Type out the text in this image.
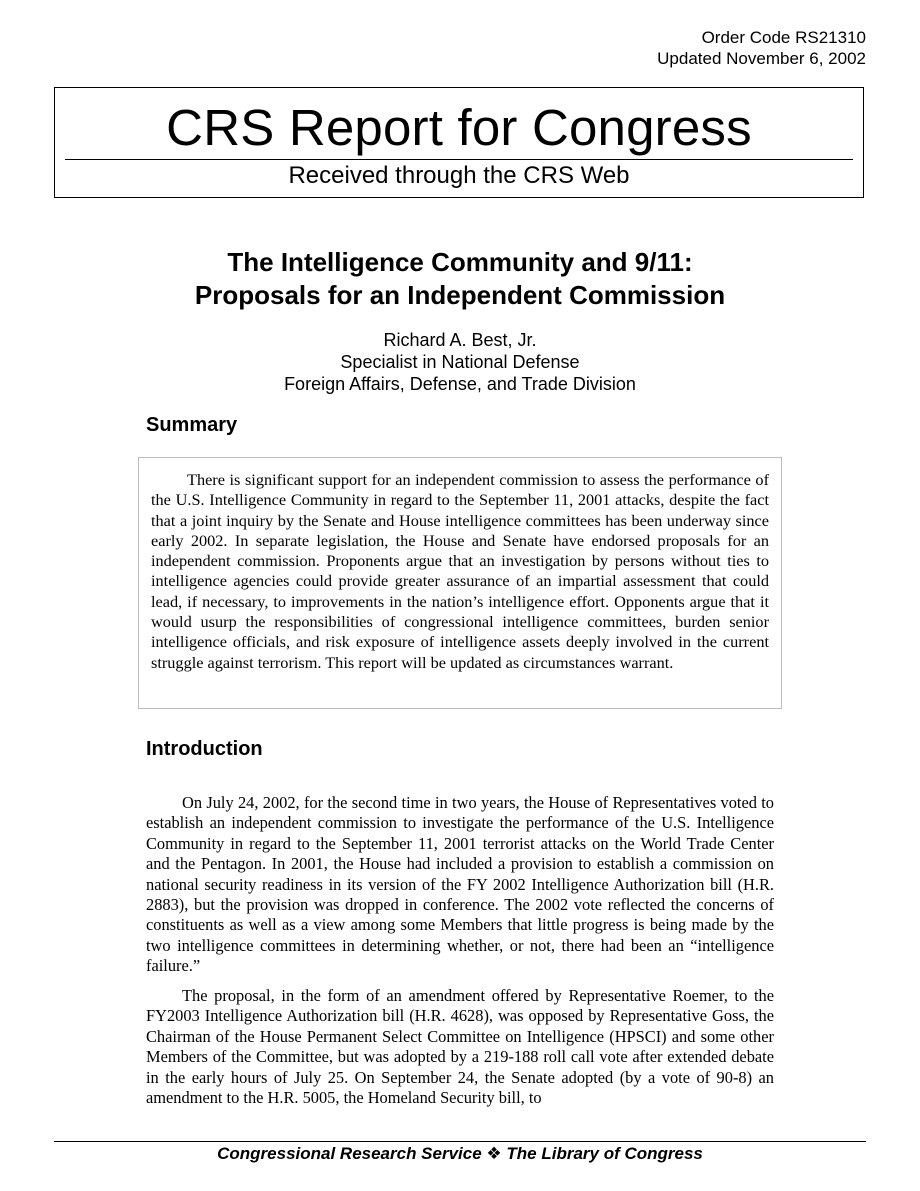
Order Code RS21310
Updated November 6, 2002
CRS Report for Congress
Received through the CRS Web
The Intelligence Community and 9/11:
Proposals for an Independent Commission
Richard A. Best, Jr.
Specialist in National Defense
Foreign Affairs, Defense, and Trade Division
Summary

There is significant support for an independent commission to assess the performance of the U.S. Intelligence Community in regard to the September 11, 2001 attacks, despite the fact that a joint inquiry by the Senate and House intelligence committees has been underway since early 2002. In separate legislation, the House and Senate have endorsed proposals for an independent commission. Proponents argue that an investigation by persons without ties to intelligence agencies could provide greater assurance of an impartial assessment that could lead, if necessary, to improvements in the nation’s intelligence effort. Opponents argue that it would usurp the responsibilities of congressional intelligence committees, burden senior intelligence officials, and risk exposure of intelligence assets deeply involved in the current struggle against terrorism. This report will be updated as circumstances warrant.

Introduction

On July 24, 2002, for the second time in two years, the House of Representatives voted to establish an independent commission to investigate the performance of the U.S. Intelligence Community in regard to the September 11, 2001 terrorist attacks on the World Trade Center and the Pentagon. In 2001, the House had included a provision to establish a commission on national security readiness in its version of the FY 2002 Intelligence Authorization bill (H.R. 2883), but the provision was dropped in conference. The 2002 vote reflected the concerns of constituents as well as a view among some Members that little progress is being made by the two intelligence committees in determining whether, or not, there had been an “intelligence failure.”

The proposal, in the form of an amendment offered by Representative Roemer, to the FY2003 Intelligence Authorization bill (H.R. 4628), was opposed by Representative Goss, the Chairman of the House Permanent Select Committee on Intelligence (HPSCI) and some other Members of the Committee, but was adopted by a 219-188 roll call vote after extended debate in the early hours of July 25. On September 24, the Senate adopted (by a vote of 90-8) an amendment to the H.R. 5005, the Homeland Security bill, to

Congressional Research Service ❖ The Library of Congress
